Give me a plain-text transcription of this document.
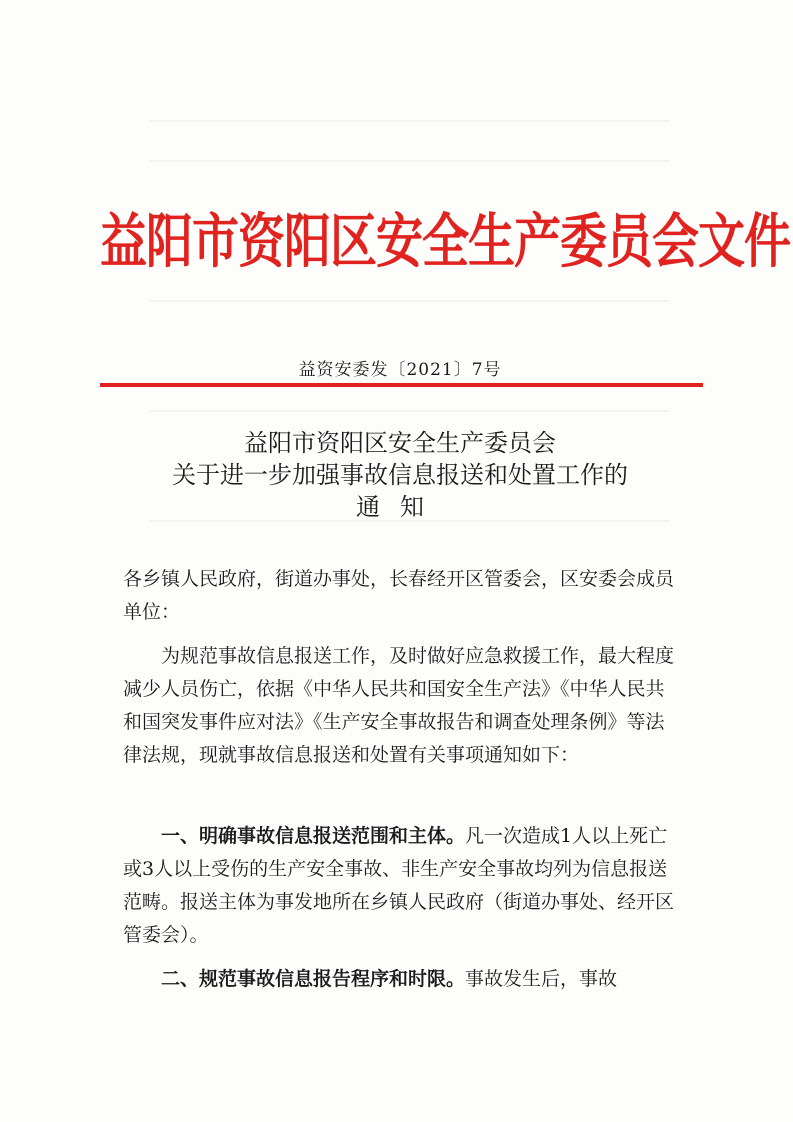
益阳市资阳区安全生产委员会文件
益资安委发〔2021〕7号
益阳市资阳区安全生产委员会
关于进一步加强事故信息报送和处置工作的
通知
各乡镇人民政府，街道办事处，长春经开区管委会，区安委会成员单位：
为规范事故信息报送工作，及时做好应急救援工作，最大程度减少人员伤亡，依据《中华人民共和国安全生产法》《中华人民共和国突发事件应对法》《生产安全事故报告和调查处理条例》等法律法规，现就事故信息报送和处置有关事项通知如下：
一、明确事故信息报送范围和主体。凡一次造成1人以上死亡或3人以上受伤的生产安全事故、非生产安全事故均列为信息报送范畴。报送主体为事发地所在乡镇人民政府（街道办事处、经开区管委会）。
二、规范事故信息报告程序和时限。事故发生后，事故
